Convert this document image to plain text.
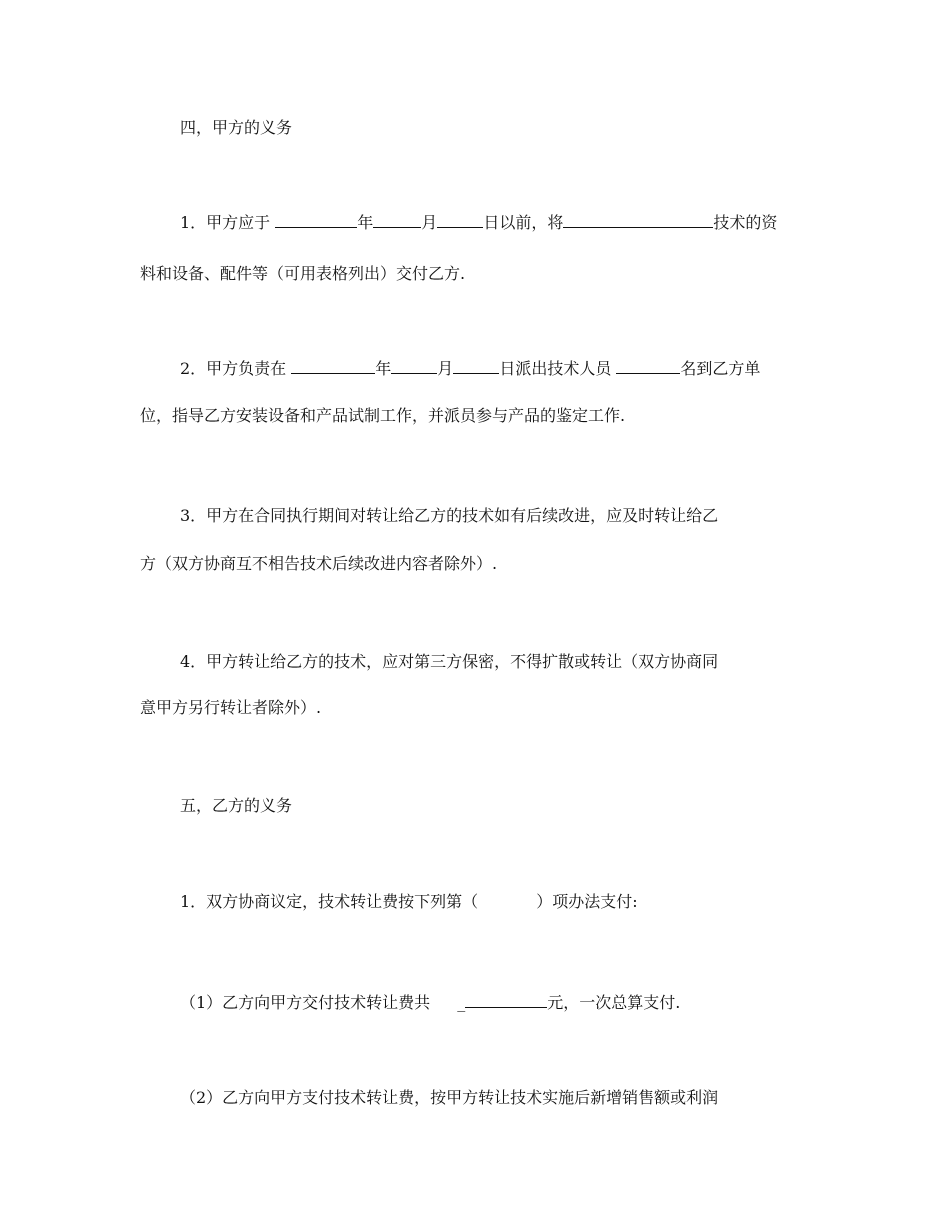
四，甲方的义务
1．甲方应于	年	月	日以前，将	技术的资
料和设备、配件等（可用表格列出）交付乙方.
2．甲方负责在	年	月	日派出技术人员	名到乙方单
位，指导乙方安装设备和产品试制工作，并派员参与产品的鉴定工作.
3．甲方在合同执行期间对转让给乙方的技术如有后续改进，应及时转让给乙
方（双方协商互不相告技术后续改进内容者除外）.
4．甲方转让给乙方的技术，应对第三方保密，不得扩散或转让（双方协商同
意甲方另行转让者除外）.
五，乙方的义务
1．双方协商议定，技术转让费按下列第（	）项办法支付:
（1）乙方向甲方交付技术转让费共 _	元，一次总算支付.
（2）乙方向甲方支付技术转让费，按甲方转让技术实施后新增销售额或利润
